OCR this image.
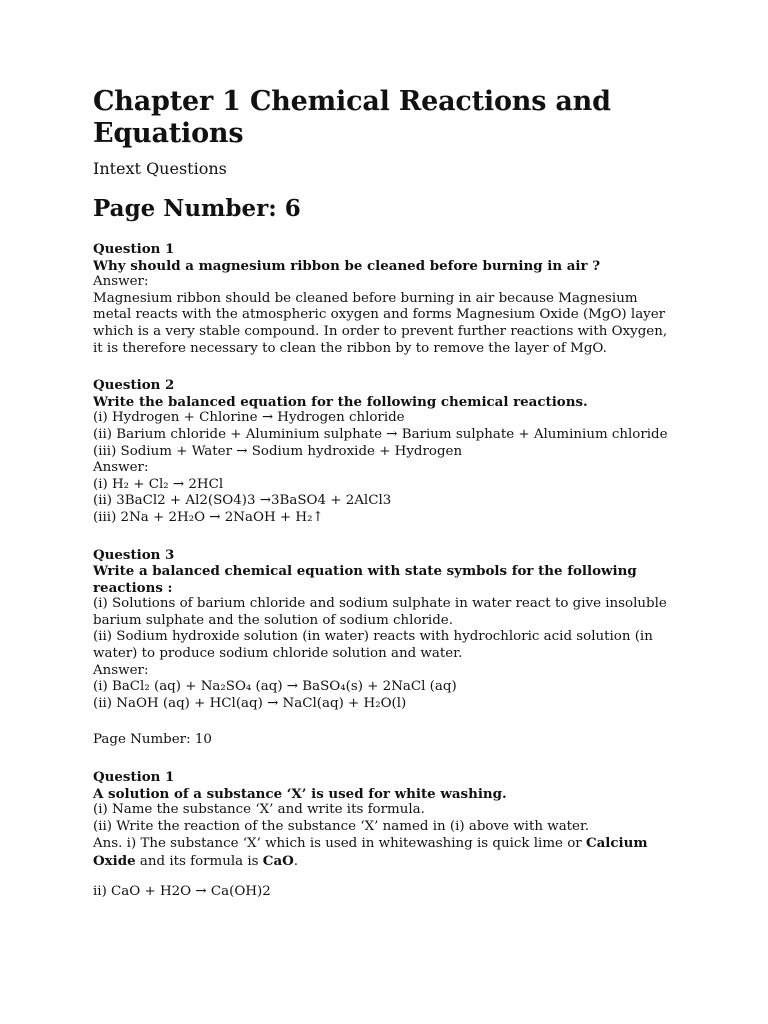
Chapter 1 Chemical Reactions and Equations
Intext Questions
Page Number: 6
Question 1
Why should a magnesium ribbon be cleaned before burning in air ?
Answer:
Magnesium ribbon should be cleaned before burning in air because Magnesium metal reacts with the atmospheric oxygen and forms Magnesium Oxide (MgO) layer which is a very stable compound. In order to prevent further reactions with Oxygen, it is therefore necessary to clean the ribbon by to remove the layer of MgO.
Question 2
Write the balanced equation for the following chemical reactions.
(i) Hydrogen + Chlorine → Hydrogen chloride
(ii) Barium chloride + Aluminium sulphate → Barium sulphate + Aluminium chloride
(iii) Sodium + Water → Sodium hydroxide + Hydrogen
Answer:
(i) H₂ + Cl₂ → 2HCl
(ii) 3BaCl2 + Al2(SO4)3 →3BaSO4 + 2AlCl3
(iii) 2Na + 2H₂O → 2NaOH + H₂↑
Question 3
Write a balanced chemical equation with state symbols for the following reactions :
(i) Solutions of barium chloride and sodium sulphate in water react to give insoluble barium sulphate and the solution of sodium chloride.
(ii) Sodium hydroxide solution (in water) reacts with hydrochloric acid solution (in water) to produce sodium chloride solution and water.
Answer:
(i) BaCl₂ (aq) + Na₂SO₄ (aq) → BaSO₄(s) + 2NaCl (aq)
(ii) NaOH (aq) + HCl(aq) → NaCl(aq) + H₂O(l)
Page Number: 10
Question 1
A solution of a substance ‘X’ is used for white washing.
(i) Name the substance ‘X’ and write its formula.
(ii) Write the reaction of the substance ‘X’ named in (i) above with water.
Ans. i) The substance ‘X’ which is used in whitewashing is quick lime or Calcium Oxide and its formula is CaO.
ii) CaO + H2O → Ca(OH)2
